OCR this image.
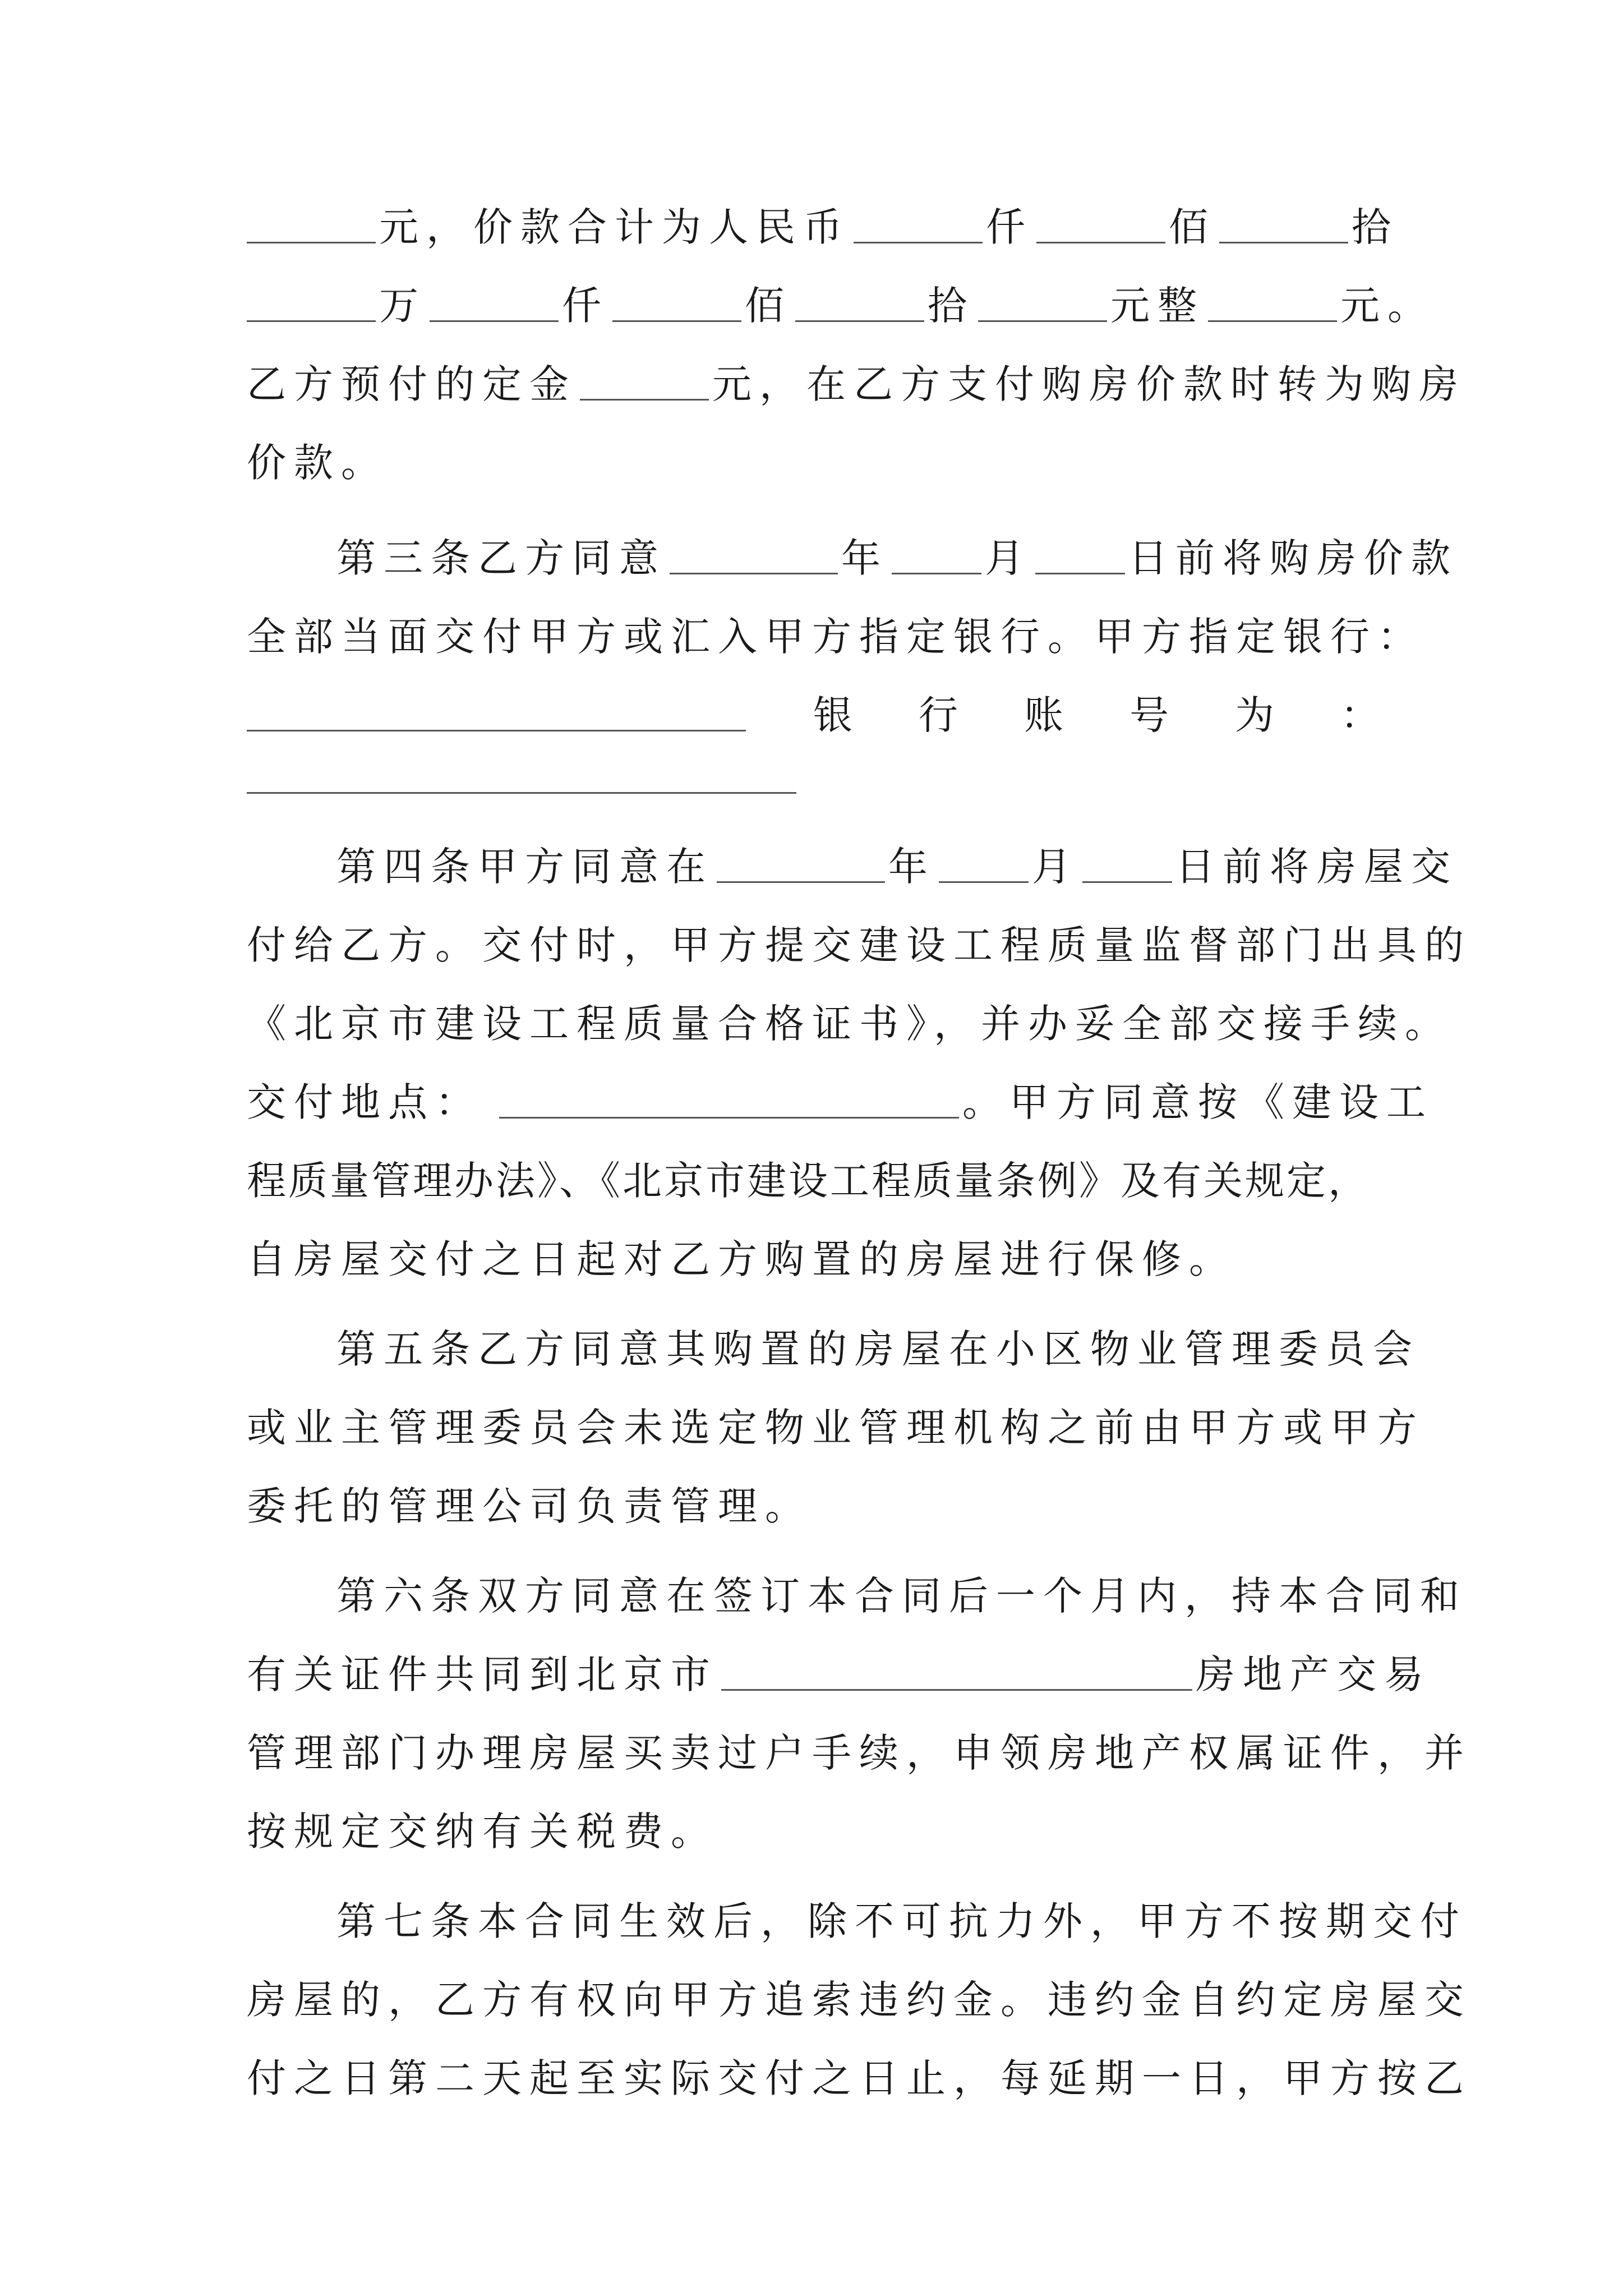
元，价款合计为人民币	仟	佰	拾
万	仟	佰	拾	元整	元。
乙方预付的定金	元，在乙方支付购房价款时转为购房
价款。
第三条乙方同意	年 月 日前将购房价款
全部当面交付甲方或汇入甲方指定银行。甲方指定银行：
银 行 账 号 为 ：
第四条甲方同意在	年 月 日前将房屋交
付给乙方。交付时，甲方提交建设工程质量监督部门出具的
《北京市建设工程质量合格证书》，并办妥全部交接手续。
交付地点：	。甲方同意按《建设工
程质量管理办法》、《北京市建设工程质量条例》及有关规定，
自房屋交付之日起对乙方购置的房屋进行保修。
第五条乙方同意其购置的房屋在小区物业管理委员会
或业主管理委员会未选定物业管理机构之前由甲方或甲方
委托的管理公司负责管理。
第六条双方同意在签订本合同后一个月内，持本合同和
有关证件共同到北京市	房地产交易
管理部门办理房屋买卖过户手续，申领房地产权属证件，并
按规定交纳有关税费。
第七条本合同生效后，除不可抗力外，甲方不按期交付
房屋的，乙方有权向甲方追索违约金。违约金自约定房屋交
付之日第二天起至实际交付之日止，每延期一日，甲方按乙
